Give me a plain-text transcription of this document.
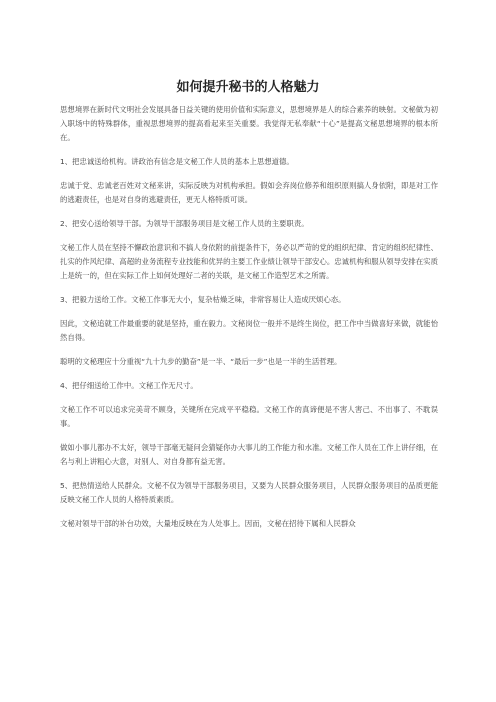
如何提升秘书的人格魅力

思想境界在新时代文明社会发展具备日益关键的使用价值和实际意义，思想境界是人的综合素养的映射。文秘做为初入职场中的特殊群体，重视思想境界的提高看起来至关重要。我觉得无私奉献“十心”是提高文秘思想境界的根本所在。

1、把忠诚送给机构。讲政治有信念是文秘工作人员的基本上思想道德。

忠诚于党、忠诚老百姓对文秘来讲，实际反映为对机构承担。假如会弃岗位修养和组织原则搞人身依附，即是对工作的逃避责任，也是对自身的逃避责任，更无人格特质可谈。

2、把安心送给领导干部。为领导干部服务项目是文秘工作人员的主要职责。

文秘工作人员在坚持不懈政治意识和不搞人身依附的前提条件下，务必以严苛的党的组织纪律、肯定的组织纪律性、扎实的作风纪律、高超的业务流程专业技能和优异的主要工作业绩让领导干部安心。忠诚机构和服从领导安排在实质上是统一的，但在实际工作上如何处理好二者的关联，是文秘工作造型艺术之所需。

3、把毅力送给工作。文秘工作事无大小，复杂枯燥乏味，非常容易让人造成厌烦心态。

因此，文秘追就工作最重要的就是坚持，重在毅力。文秘岗位一般并不是终生岗位，把工作中当做喜好来做，就能怡然自得。

聪明的文秘理应十分重视“九十九步的勤奋”是一半、“最后一步”也是一半的生活哲理。

4、把仔细送给工作中。文秘工作无尺寸。

文秘工作不可以追求完美苛不顾身，关键所在完成平平稳稳。文秘工作的真谛便是不害人害己、不出事了、不耽误事。

做如小事儿都办不太好，领导干部毫无疑问会猜疑你办大事儿的工作能力和水准。文秘工作人员在工作上讲仔细，在名与利上讲粗心大意，对别人、对自身都有益无害。

5、把热情送给人民群众。文秘不仅为领导干部服务项目，又要为人民群众服务项目，人民群众服务项目的品质更能反映文秘工作人员的人格特质素质。

文秘对领导干部的补台功效，大量地反映在为人处事上。因而，文秘在招待下属和人民群众
